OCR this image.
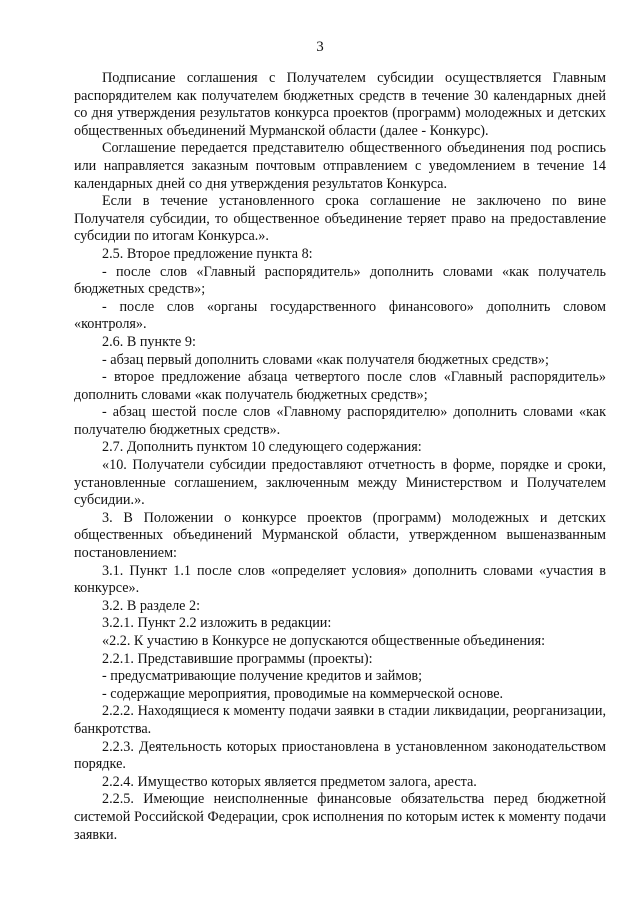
3

Подписание соглашения с Получателем субсидии осуществляется Главным распорядителем как получателем бюджетных средств в течение 30 календарных дней со дня утверждения результатов конкурса проектов (программ) молодежных и детских общественных объединений Мурманской области (далее - Конкурс).

Соглашение передается представителю общественного объединения под роспись или направляется заказным почтовым отправлением с уведомлением в течение 14 календарных дней со дня утверждения результатов Конкурса.

Если в течение установленного срока соглашение не заключено по вине Получателя субсидии, то общественное объединение теряет право на предоставление субсидии по итогам Конкурса.».

2.5. Второе предложение пункта 8:

- после слов «Главный распорядитель» дополнить словами «как получатель бюджетных средств»;

- после слов «органы государственного финансового» дополнить словом «контроля».

2.6. В пункте 9:

- абзац первый дополнить словами «как получателя бюджетных средств»;

- второе предложение абзаца четвертого после слов «Главный распорядитель» дополнить словами «как получатель бюджетных средств»;

- абзац шестой после слов «Главному распорядителю» дополнить словами «как получателю бюджетных средств».

2.7. Дополнить пунктом 10 следующего содержания:

«10. Получатели субсидии предоставляют отчетность в форме, порядке и сроки, установленные соглашением, заключенным между Министерством и Получателем субсидии.».

3. В Положении о конкурсе проектов (программ) молодежных и детских общественных объединений Мурманской области, утвержденном вышеназванным постановлением:

3.1. Пункт 1.1 после слов «определяет условия» дополнить словами «участия в конкурсе».

3.2. В разделе 2:

3.2.1. Пункт 2.2 изложить в редакции:

«2.2. К участию в Конкурсе не допускаются общественные объединения:

2.2.1. Представившие программы (проекты):

- предусматривающие получение кредитов и займов;

- содержащие мероприятия, проводимые на коммерческой основе.

2.2.2. Находящиеся к моменту подачи заявки в стадии ликвидации, реорганизации, банкротства.

2.2.3. Деятельность которых приостановлена в установленном законодательством порядке.

2.2.4. Имущество которых является предметом залога, ареста.

2.2.5. Имеющие неисполненные финансовые обязательства перед бюджетной системой Российской Федерации, срок исполнения по которым истек к моменту подачи заявки.
